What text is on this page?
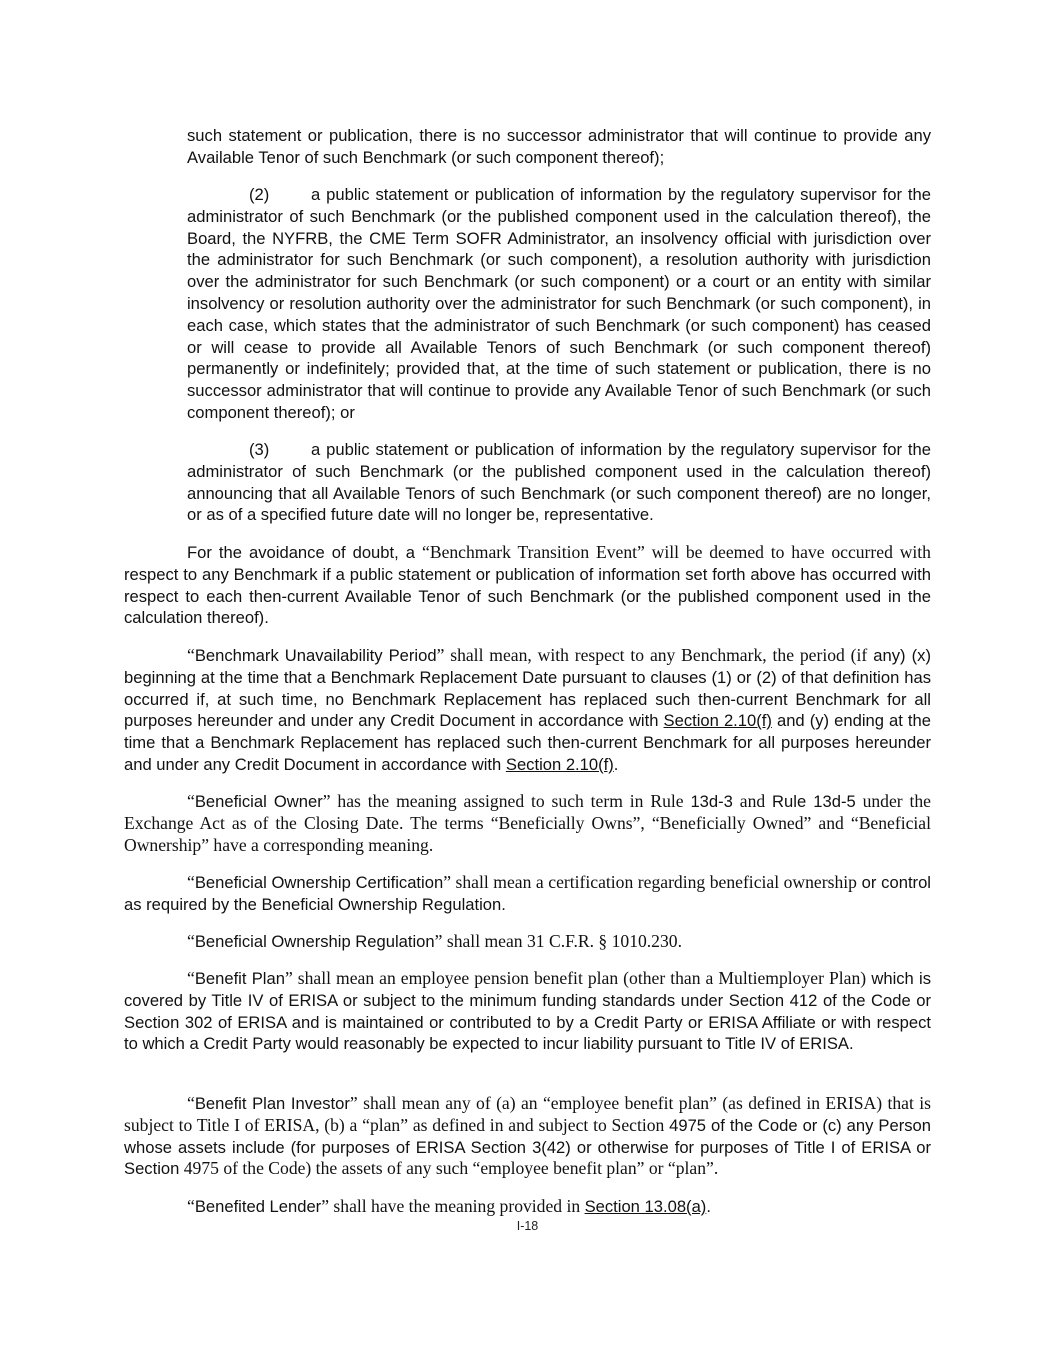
such statement or publication, there is no successor administrator that will continue to provide any Available Tenor of such Benchmark (or such component thereof);

(2)	a public statement or publication of information by the regulatory supervisor for the administrator of such Benchmark (or the published component used in the calculation thereof), the Board, the NYFRB, the CME Term SOFR Administrator, an insolvency official with jurisdiction over the administrator for such Benchmark (or such component), a resolution authority with jurisdiction over the administrator for such Benchmark (or such component) or a court or an entity with similar insolvency or resolution authority over the administrator for such Benchmark (or such component), in each case, which states that the administrator of such Benchmark (or such component) has ceased or will cease to provide all Available Tenors of such Benchmark (or such component thereof) permanently or indefinitely; provided that, at the time of such statement or publication, there is no successor administrator that will continue to provide any Available Tenor of such Benchmark (or such component thereof); or

(3)	a public statement or publication of information by the regulatory supervisor for the administrator of such Benchmark (or the published component used in the calculation thereof) announcing that all Available Tenors of such Benchmark (or such component thereof) are no longer, or as of a specified future date will no longer be, representative.

For the avoidance of doubt, a “Benchmark Transition Event” will be deemed to have occurred with respect to any Benchmark if a public statement or publication of information set forth above has occurred with respect to each then-current Available Tenor of such Benchmark (or the published component used in the calculation thereof).

“Benchmark Unavailability Period” shall mean, with respect to any Benchmark, the period (if any) (x) beginning at the time that a Benchmark Replacement Date pursuant to clauses (1) or (2) of that definition has occurred if, at such time, no Benchmark Replacement has replaced such then-current Benchmark for all purposes hereunder and under any Credit Document in accordance with Section 2.10(f) and (y) ending at the time that a Benchmark Replacement has replaced such then-current Benchmark for all purposes hereunder and under any Credit Document in accordance with Section 2.10(f).

“Beneficial Owner” has the meaning assigned to such term in Rule 13d-3 and Rule 13d-5 under the Exchange Act as of the Closing Date. The terms “Beneficially Owns”, “Beneficially Owned” and “Beneficial Ownership” have a corresponding meaning.

“Beneficial Ownership Certification” shall mean a certification regarding beneficial ownership or control as required by the Beneficial Ownership Regulation.

“Beneficial Ownership Regulation” shall mean 31 C.F.R. § 1010.230.

“Benefit Plan” shall mean an employee pension benefit plan (other than a Multiemployer Plan) which is covered by Title IV of ERISA or subject to the minimum funding standards under Section 412 of the Code or Section 302 of ERISA and is maintained or contributed to by a Credit Party or ERISA Affiliate or with respect to which a Credit Party would reasonably be expected to incur liability pursuant to Title IV of ERISA.

“Benefit Plan Investor” shall mean any of (a) an “employee benefit plan” (as defined in ERISA) that is subject to Title I of ERISA, (b) a “plan” as defined in and subject to Section 4975 of the Code or (c) any Person whose assets include (for purposes of ERISA Section 3(42) or otherwise for purposes of Title I of ERISA or Section 4975 of the Code) the assets of any such “employee benefit plan” or “plan”.

“Benefited Lender” shall have the meaning provided in Section 13.08(a).

I-18
